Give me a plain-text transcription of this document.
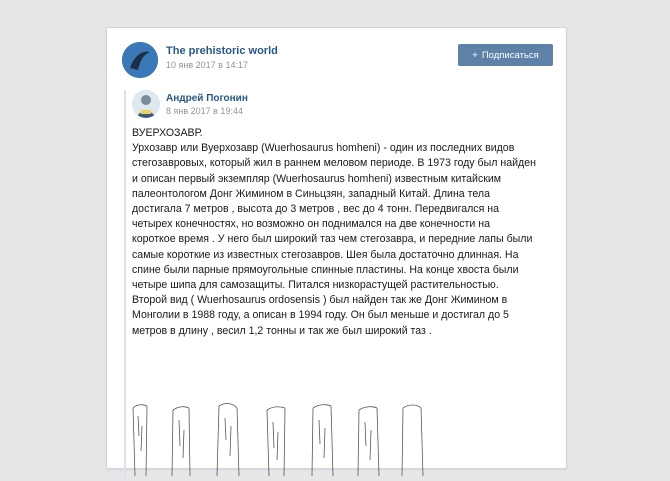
The prehistoric world
10 янв 2017 в 14:17
+ Подписаться
Андрей Погонин
8 янв 2017 в 19:44

ВУЕРХОЗАВР.

Урхозавр или Вуерхозавр (Wuerhosaurus homheni) - один из последних видов

стегозавровых, который жил в раннем меловом периоде. В 1973 году был найден

и описан первый экземпляр (Wuerhosaurus homheni) известным китайским

палеонтологом Донг Жимином в Синьцзян, западный Китай. Длина тела

достигала 7 метров , высота до 3 метров , вес до 4 тонн. Передвигался на

четырех конечностях, но возможно он поднимался на две конечности на

короткое время . У него был широкий таз чем стегозавра, и передние лапы были

самые короткие из известных стегозавров. Шея была достаточно длинная. На

спине были парные прямоугольные спинные пластины. На конце хвоста были

четыре шипа для самозащиты. Питался низкорастущей растительностью.

Второй вид ( Wuerhosaurus ordosensis ) был найден так же Донг Жимином в

Монголии в 1988 году, а описан в 1994 году. Он был меньше и достигал до 5

метров в длину , весил 1,2 тонны и так же был широкий таз .
